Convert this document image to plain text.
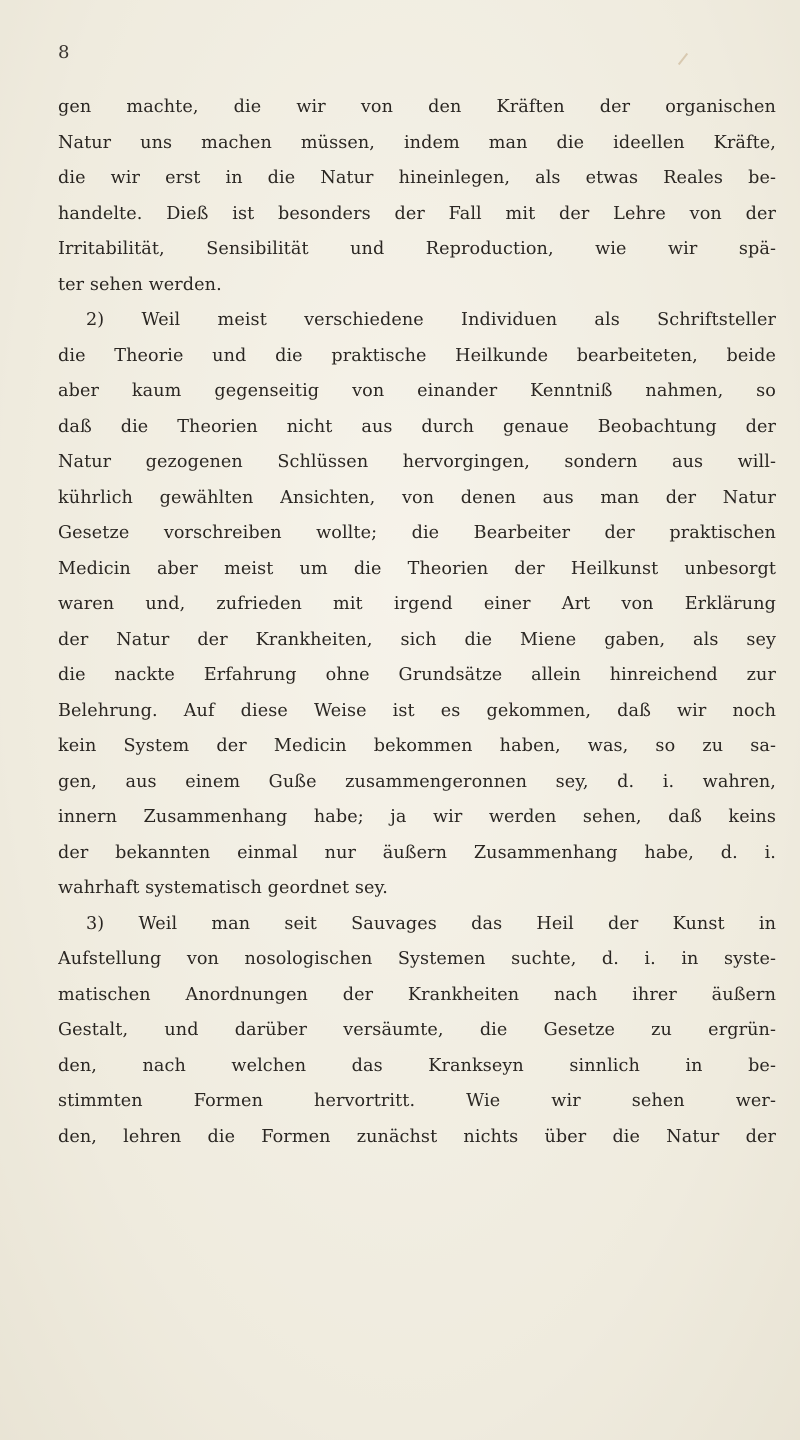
8
gen machte, die wir von den Kräften der organischen
Natur uns machen müssen, indem man die ideellen Kräfte,
die wir erst in die Natur hineinlegen, als etwas Reales be-
handelte. Dieß ist besonders der Fall mit der Lehre von der
Irritabilität, Sensibilität und Reproduction, wie wir spä-
ter sehen werden.
2) Weil meist verschiedene Individuen als Schriftsteller
die Theorie und die praktische Heilkunde bearbeiteten, beide
aber kaum gegenseitig von einander Kenntniß nahmen, so
daß die Theorien nicht aus durch genaue Beobachtung der
Natur gezogenen Schlüssen hervorgingen, sondern aus will-
kührlich gewählten Ansichten, von denen aus man der Natur
Gesetze vorschreiben wollte; die Bearbeiter der praktischen
Medicin aber meist um die Theorien der Heilkunst unbesorgt
waren und, zufrieden mit irgend einer Art von Erklärung
der Natur der Krankheiten, sich die Miene gaben, als sey
die nackte Erfahrung ohne Grundsätze allein hinreichend zur
Belehrung. Auf diese Weise ist es gekommen, daß wir noch
kein System der Medicin bekommen haben, was, so zu sa-
gen, aus einem Guße zusammengeronnen sey, d. i. wahren,
innern Zusammenhang habe; ja wir werden sehen, daß keins
der bekannten einmal nur äußern Zusammenhang habe, d. i.
wahrhaft systematisch geordnet sey.
3) Weil man seit Sauvages das Heil der Kunst in
Aufstellung von nosologischen Systemen suchte, d. i. in syste-
matischen Anordnungen der Krankheiten nach ihrer äußern
Gestalt, und darüber versäumte, die Gesetze zu ergrün-
den, nach welchen das Krankseyn sinnlich in be-
stimmten Formen hervortritt. Wie wir sehen wer-
den, lehren die Formen zunächst nichts über die Natur der
